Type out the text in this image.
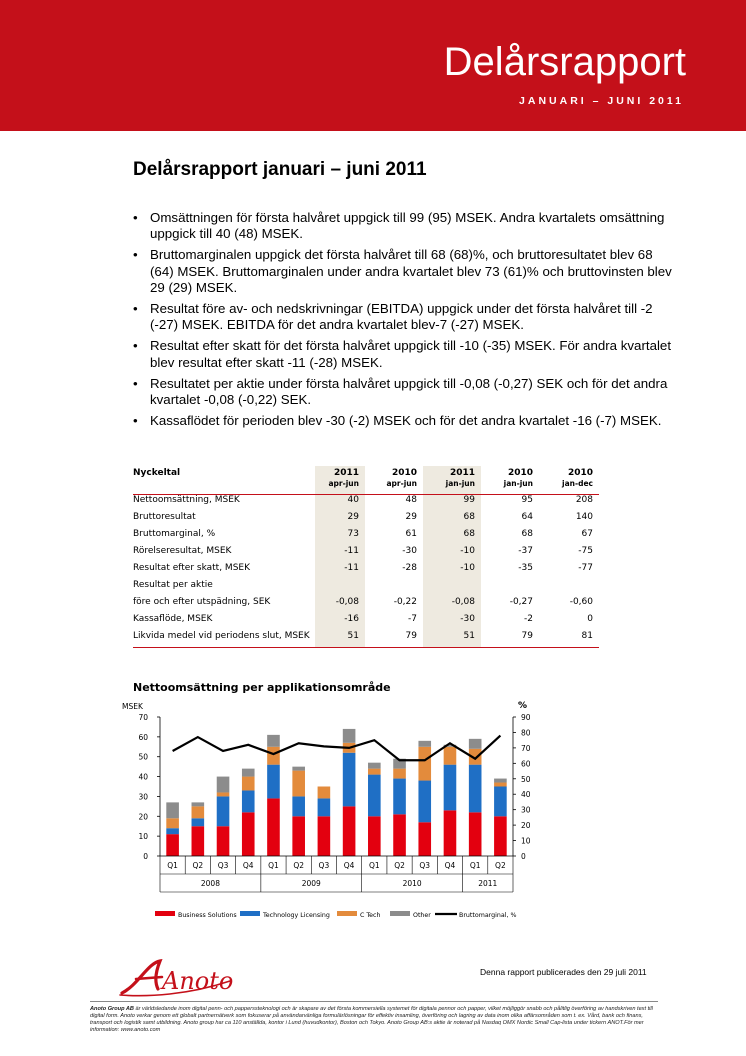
Delårsrapport
JANUARI – JUNI 2011
Delårsrapport januari – juni 2011
• Omsättningen för första halvåret uppgick till 99 (95) MSEK. Andra kvartalets omsättning uppgick till 40 (48) MSEK.
• Bruttomarginalen uppgick det första halvåret till 68 (68)%, och bruttoresultatet blev 68 (64) MSEK. Bruttomarginalen under andra kvartalet blev 73 (61)% och bruttovinsten blev 29 (29) MSEK.
• Resultat före av- och nedskrivningar (EBITDA) uppgick under det första halvåret till -2 (-27) MSEK. EBITDA för det andra kvartalet blev-7 (-27) MSEK.
• Resultat efter skatt för det första halvåret uppgick till -10 (-35) MSEK. För andra kvartalet blev resultat efter skatt -11 (-28) MSEK.
• Resultatet per aktie under första halvåret uppgick till -0,08 (-0,27) SEK och för det andra kvartalet -0,08 (-0,22) SEK.
• Kassaflödet för perioden blev -30 (-2) MSEK och för det andra kvartalet -16 (-7) MSEK.
Nyckeltal	2011	2010	2011	2010	2010
	apr-jun	apr-jun	jan-jun	jan-jun	jan-dec
Nettoomsättning, MSEK	40	48	99	95	208
Bruttoresultat	29	29	68	64	140
Bruttomarginal, %	73	61	68	68	67
Rörelseresultat, MSEK	-11	-30	-10	-37	-75
Resultat efter skatt, MSEK	-11	-28	-10	-35	-77
Resultat per aktie					
före och efter utspädning, SEK	-0,08	-0,22	-0,08	-0,27	-0,60
Kassaflöde, MSEK	-16	-7	-30	-2	0
Likvida medel vid periodens slut, MSEK	51	79	51	79	81
Nettoomsättning per applikationsområde
MSEK	%
0
10
20
30
40
50
60
70
0
10
20
30
40
50
60
70
80
90
Q1 Q2 Q3 Q4 Q1 Q2 Q3 Q4 Q1 Q2 Q3 Q4 Q1 Q2
2008	2009	2010	2011
Business Solutions	Technology Licensing	C Tech	Other	Bruttomarginal, %
Anoto	Denna rapport publicerades den 29 juli 2011
Anoto Group AB är världsledande inom digital penn- och papperssteknologi och är skapare av det första kommersiella systemet för digitala pennor och papper, vilket möjliggör snabb och pålitlig överföring av handskriven text till digital form. Anoto verkar genom ett globalt partnernätverk som fokuserar på användarvänliga formulärlösningar för effektiv insamling, överföring och lagring av data inom olika affärsområden som t. ex. Vård, bank och finans, transport och logistik samt utbildning. Anoto group har ca 110 anställda, kontor i Lund (huvudkontor), Boston och Tokyo. Anoto Group AB:s aktie är noterad på Nasdaq OMX Nordic Small Cap-lista under tickern ANOT.För mer information: www.anoto.com
